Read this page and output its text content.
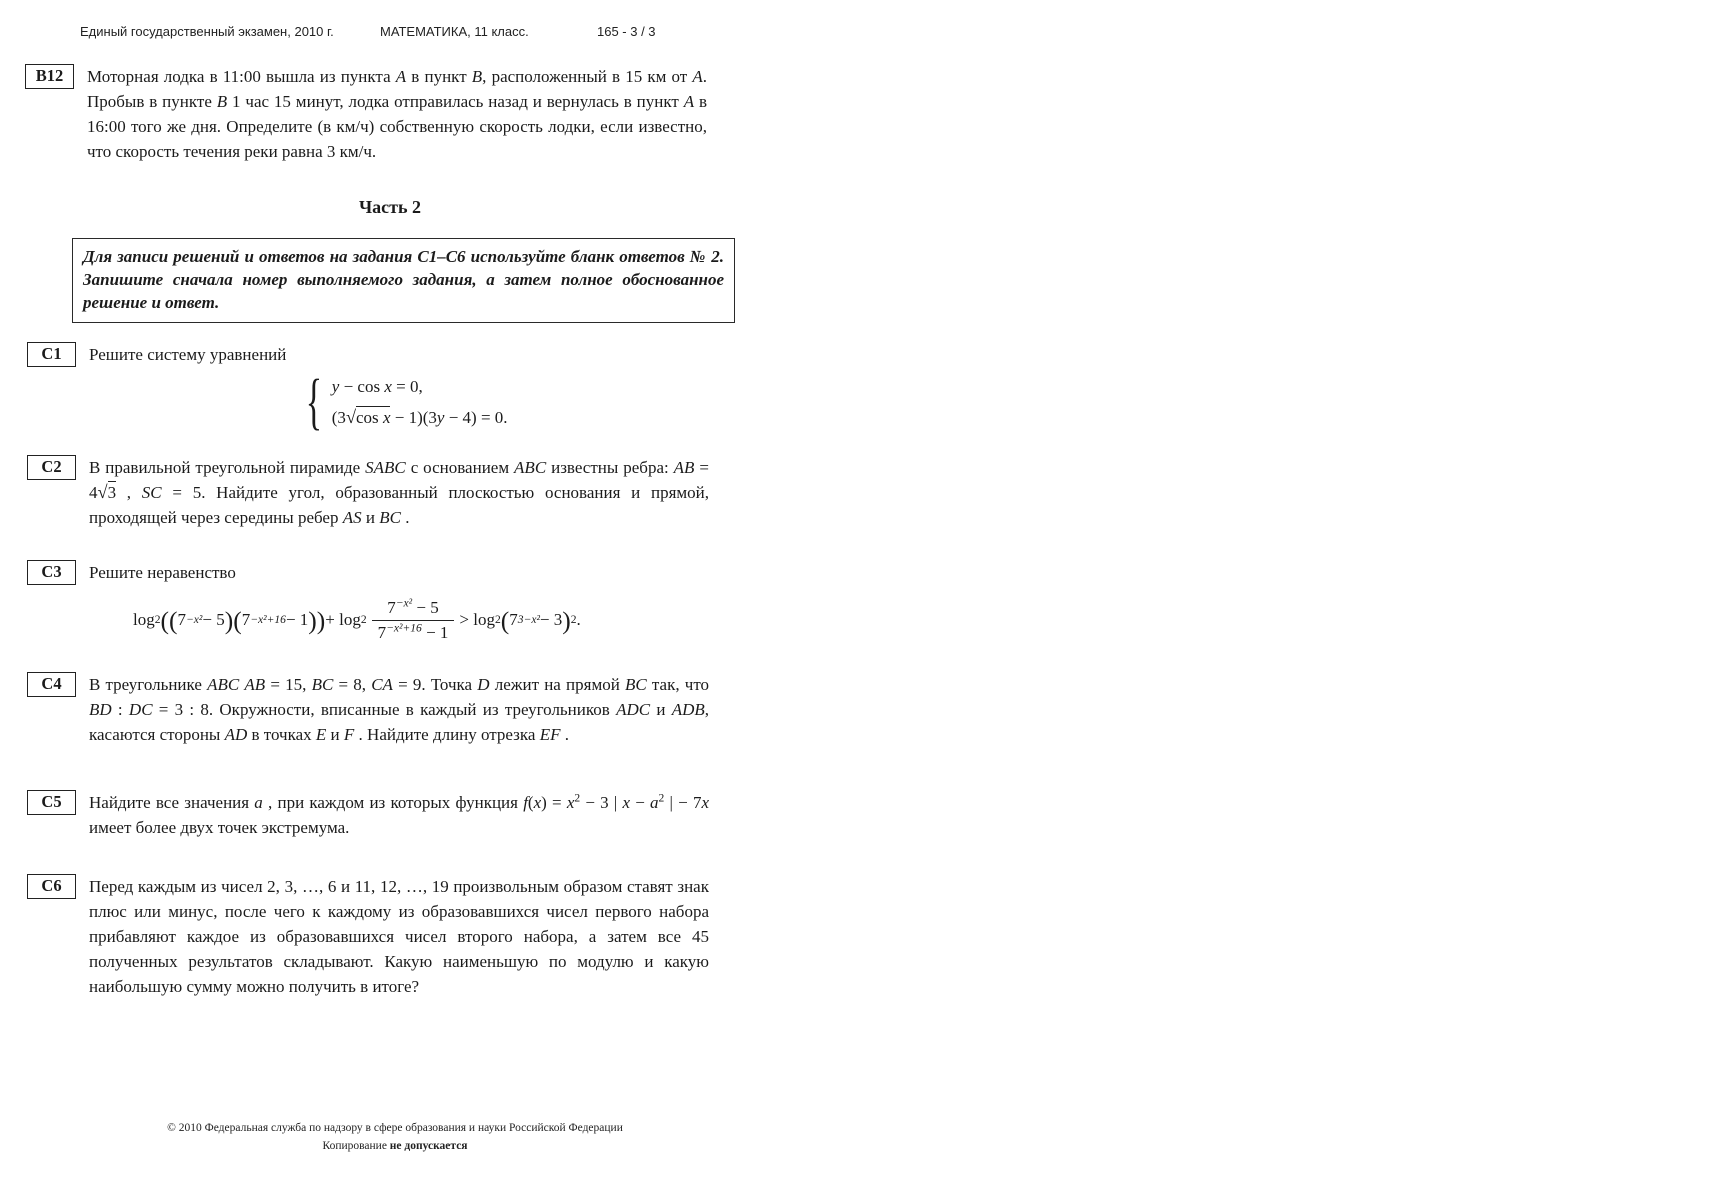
Единый государственный экзамен, 2010 г.	МАТЕМАТИКА, 11 класс.	165 - 3 / 3
В12	Моторная лодка в 11:00 вышла из пункта A в пункт B, расположенный в 15 км от A. Пробыв в пункте B 1 час 15 минут, лодка отправилась назад и вернулась в пункт A в 16:00 того же дня. Определите (в км/ч) собственную скорость лодки, если известно, что скорость течения реки равна 3 км/ч.

Часть 2

Для записи решений и ответов на задания С1–С6 используйте бланк ответов № 2. Запишите сначала номер выполняемого задания, а затем полное обоснованное решение и ответ.

С1	Решите систему уравнений

{ y − cos x = 0,
(3√cos x − 1)(3y − 4) = 0.
С2	В правильной треугольной пирамиде SABC с основанием ABC известны ребра: AB = 4√3 , SC = 5. Найдите угол, образованный плоскостью основания и прямой, проходящей через середины ребер AS и BC .

С3	Решите неравенство

log 2 (( 7 −x² − 5 )( 7 −x²+16 − 1 )) + $\log 2 \frac{7^{-x^2} - 5}{7^{-x^2+16} - 1} > \log 2$ ( 7 3−x² − 3 ) 2 .
С4	В треугольнике ABC AB = 15, BC = 8, CA = 9. Точка D лежит на прямой BC так, что BD : DC = 3 : 8. Окружности, вписанные в каждый из треугольников ADC и ADB, касаются стороны AD в точках E и F . Найдите длину отрезка EF .

С5	Найдите все значения a , при каждом из которых функция $f(x) = x^2 - 3$ | $x - a^2$ | − 7x имеет более двух точек экстремума.

С6	Перед каждым из чисел 2, 3, …, 6 и 11, 12, …, 19 произвольным образом ставят знак плюс или минус, после чего к каждому из образовавшихся чисел первого набора прибавляют каждое из образовавшихся чисел второго набора, а затем все 45 полученных результатов складывают. Какую наименьшую по модулю и какую наибольшую сумму можно получить в итоге?

© 2010 Федеральная служба по надзору в сфере образования и науки Российской Федерации
Копирование не допускается
